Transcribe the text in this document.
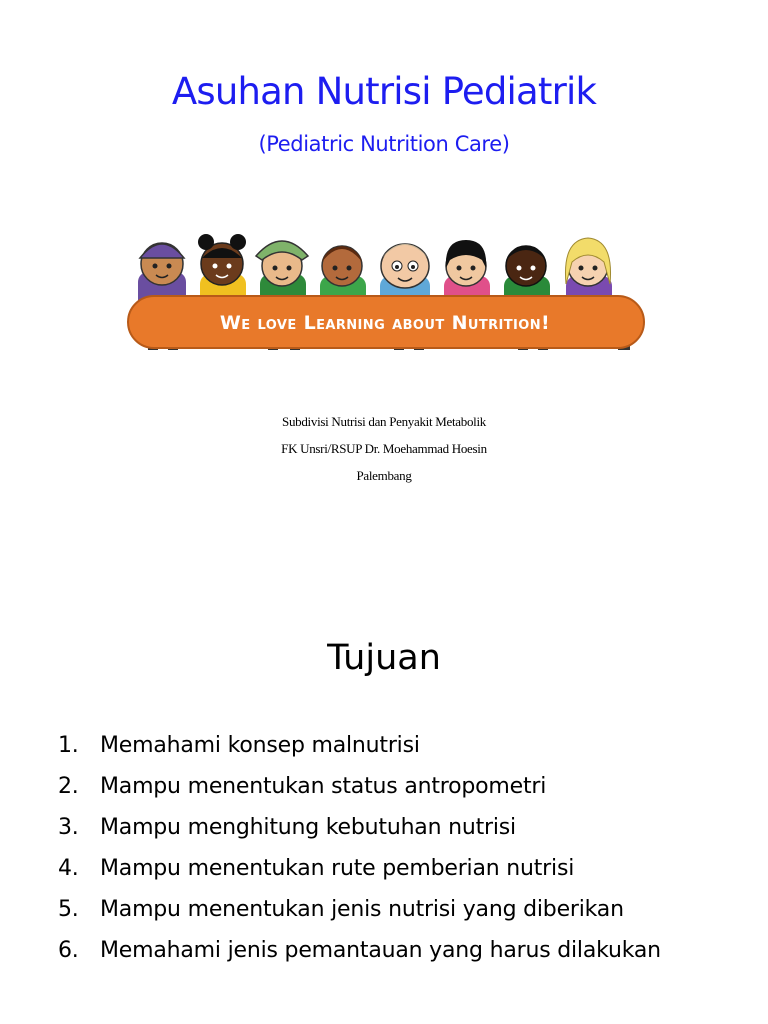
Asuhan Nutrisi Pediatrik
(Pediatric Nutrition Care)
We love Learning about Nutrition!
Subdivisi Nutrisi dan Penyakit Metabolik
FK Unsri/RSUP Dr. Moehammad Hoesin
Palembang
Tujuan
1. Memahami konsep malnutrisi
2. Mampu menentukan status antropometri
3. Mampu menghitung kebutuhan nutrisi
4. Mampu menentukan rute pemberian nutrisi
5. Mampu menentukan jenis nutrisi yang diberikan
6. Memahami jenis pemantauan yang harus dilakukan
